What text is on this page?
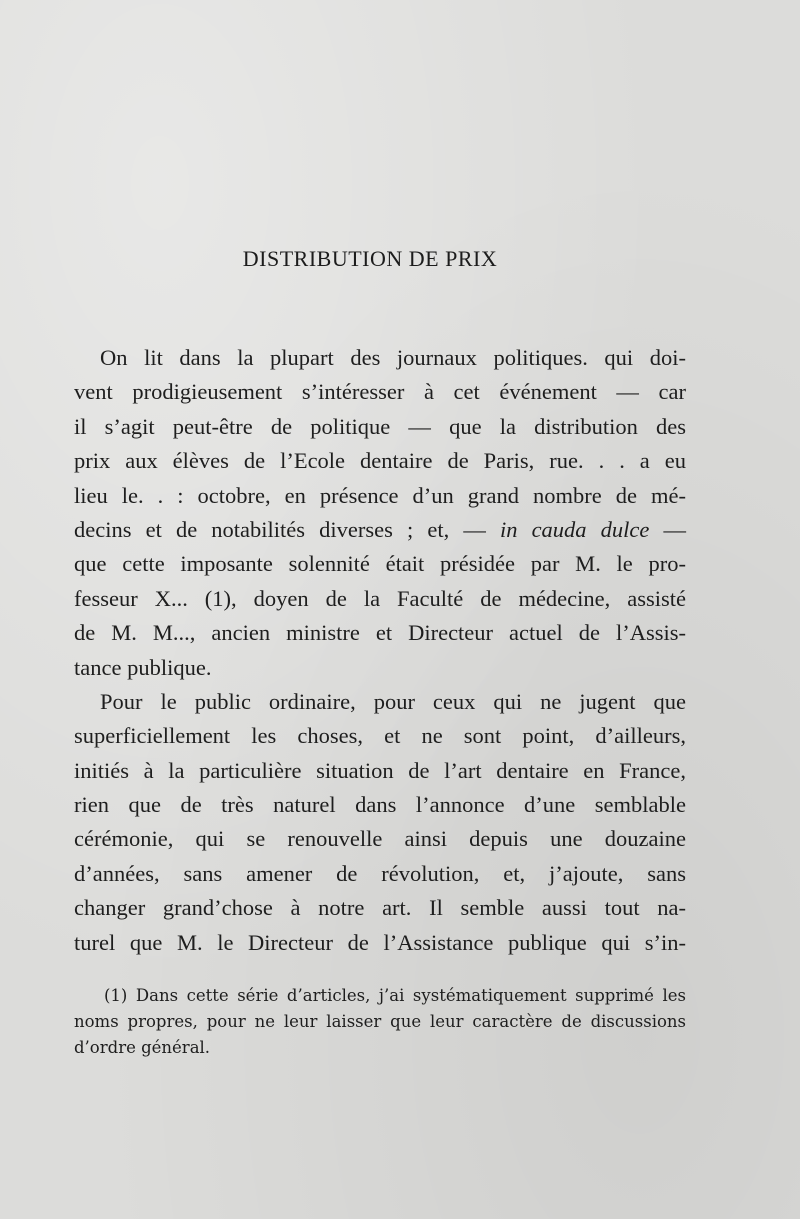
DISTRIBUTION DE PRIX
On lit dans la plupart des journaux politiques. qui doi-
vent prodigieusement s’intéresser à cet événement — car
il s’agit peut-être de politique — que la distribution des
prix aux élèves de l’Ecole dentaire de Paris, rue. . . a eu
lieu le. . : octobre, en présence d’un grand nombre de mé-
decins et de notabilités diverses ; et, — in cauda dulce —
que cette imposante solennité était présidée par M. le pro-
fesseur X... (1), doyen de la Faculté de médecine, assisté
de M. M..., ancien ministre et Directeur actuel de l’Assis-
tance publique.
Pour le public ordinaire, pour ceux qui ne jugent que
superficiellement les choses, et ne sont point, d’ailleurs,
initiés à la particulière situation de l’art dentaire en France,
rien que de très naturel dans l’annonce d’une semblable
cérémonie, qui se renouvelle ainsi depuis une douzaine
d’années, sans amener de révolution, et, j’ajoute, sans
changer grand’chose à notre art. Il semble aussi tout na-
turel que M. le Directeur de l’Assistance publique qui s’in-
(1) Dans cette série d’articles, j’ai systématiquement supprimé les
noms propres, pour ne leur laisser que leur caractère de discussions
d’ordre général.
